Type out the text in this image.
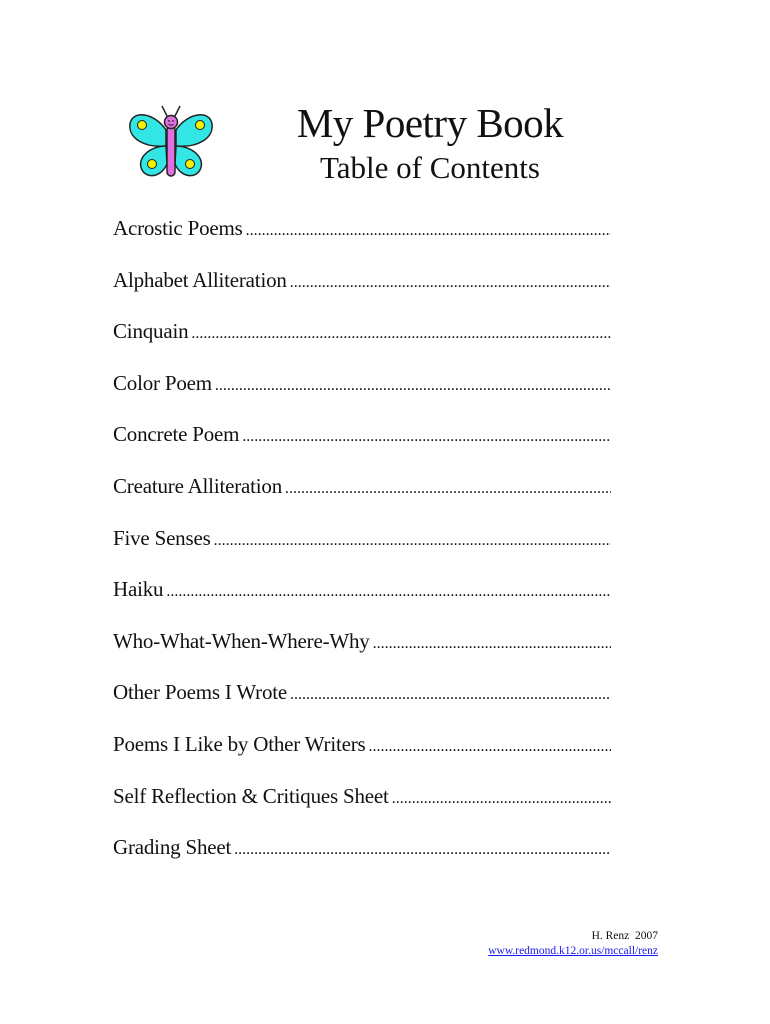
My Poetry Book
Table of Contents
Acrostic Poems
.....
Alphabet Alliteration
.....
Cinquain
.....
Color Poem
.....
Concrete Poem
.....
Creature Alliteration
.....
Five Senses
.....
Haiku
.....
Who-What-When-Where-Why
.....
Other Poems I Wrote
.....
Poems I Like by Other Writers
.....
Self Reflection & Critiques Sheet
.....
Grading Sheet
.....
H. Renz  2007
www.redmond.k12.or.us/mccall/renz
